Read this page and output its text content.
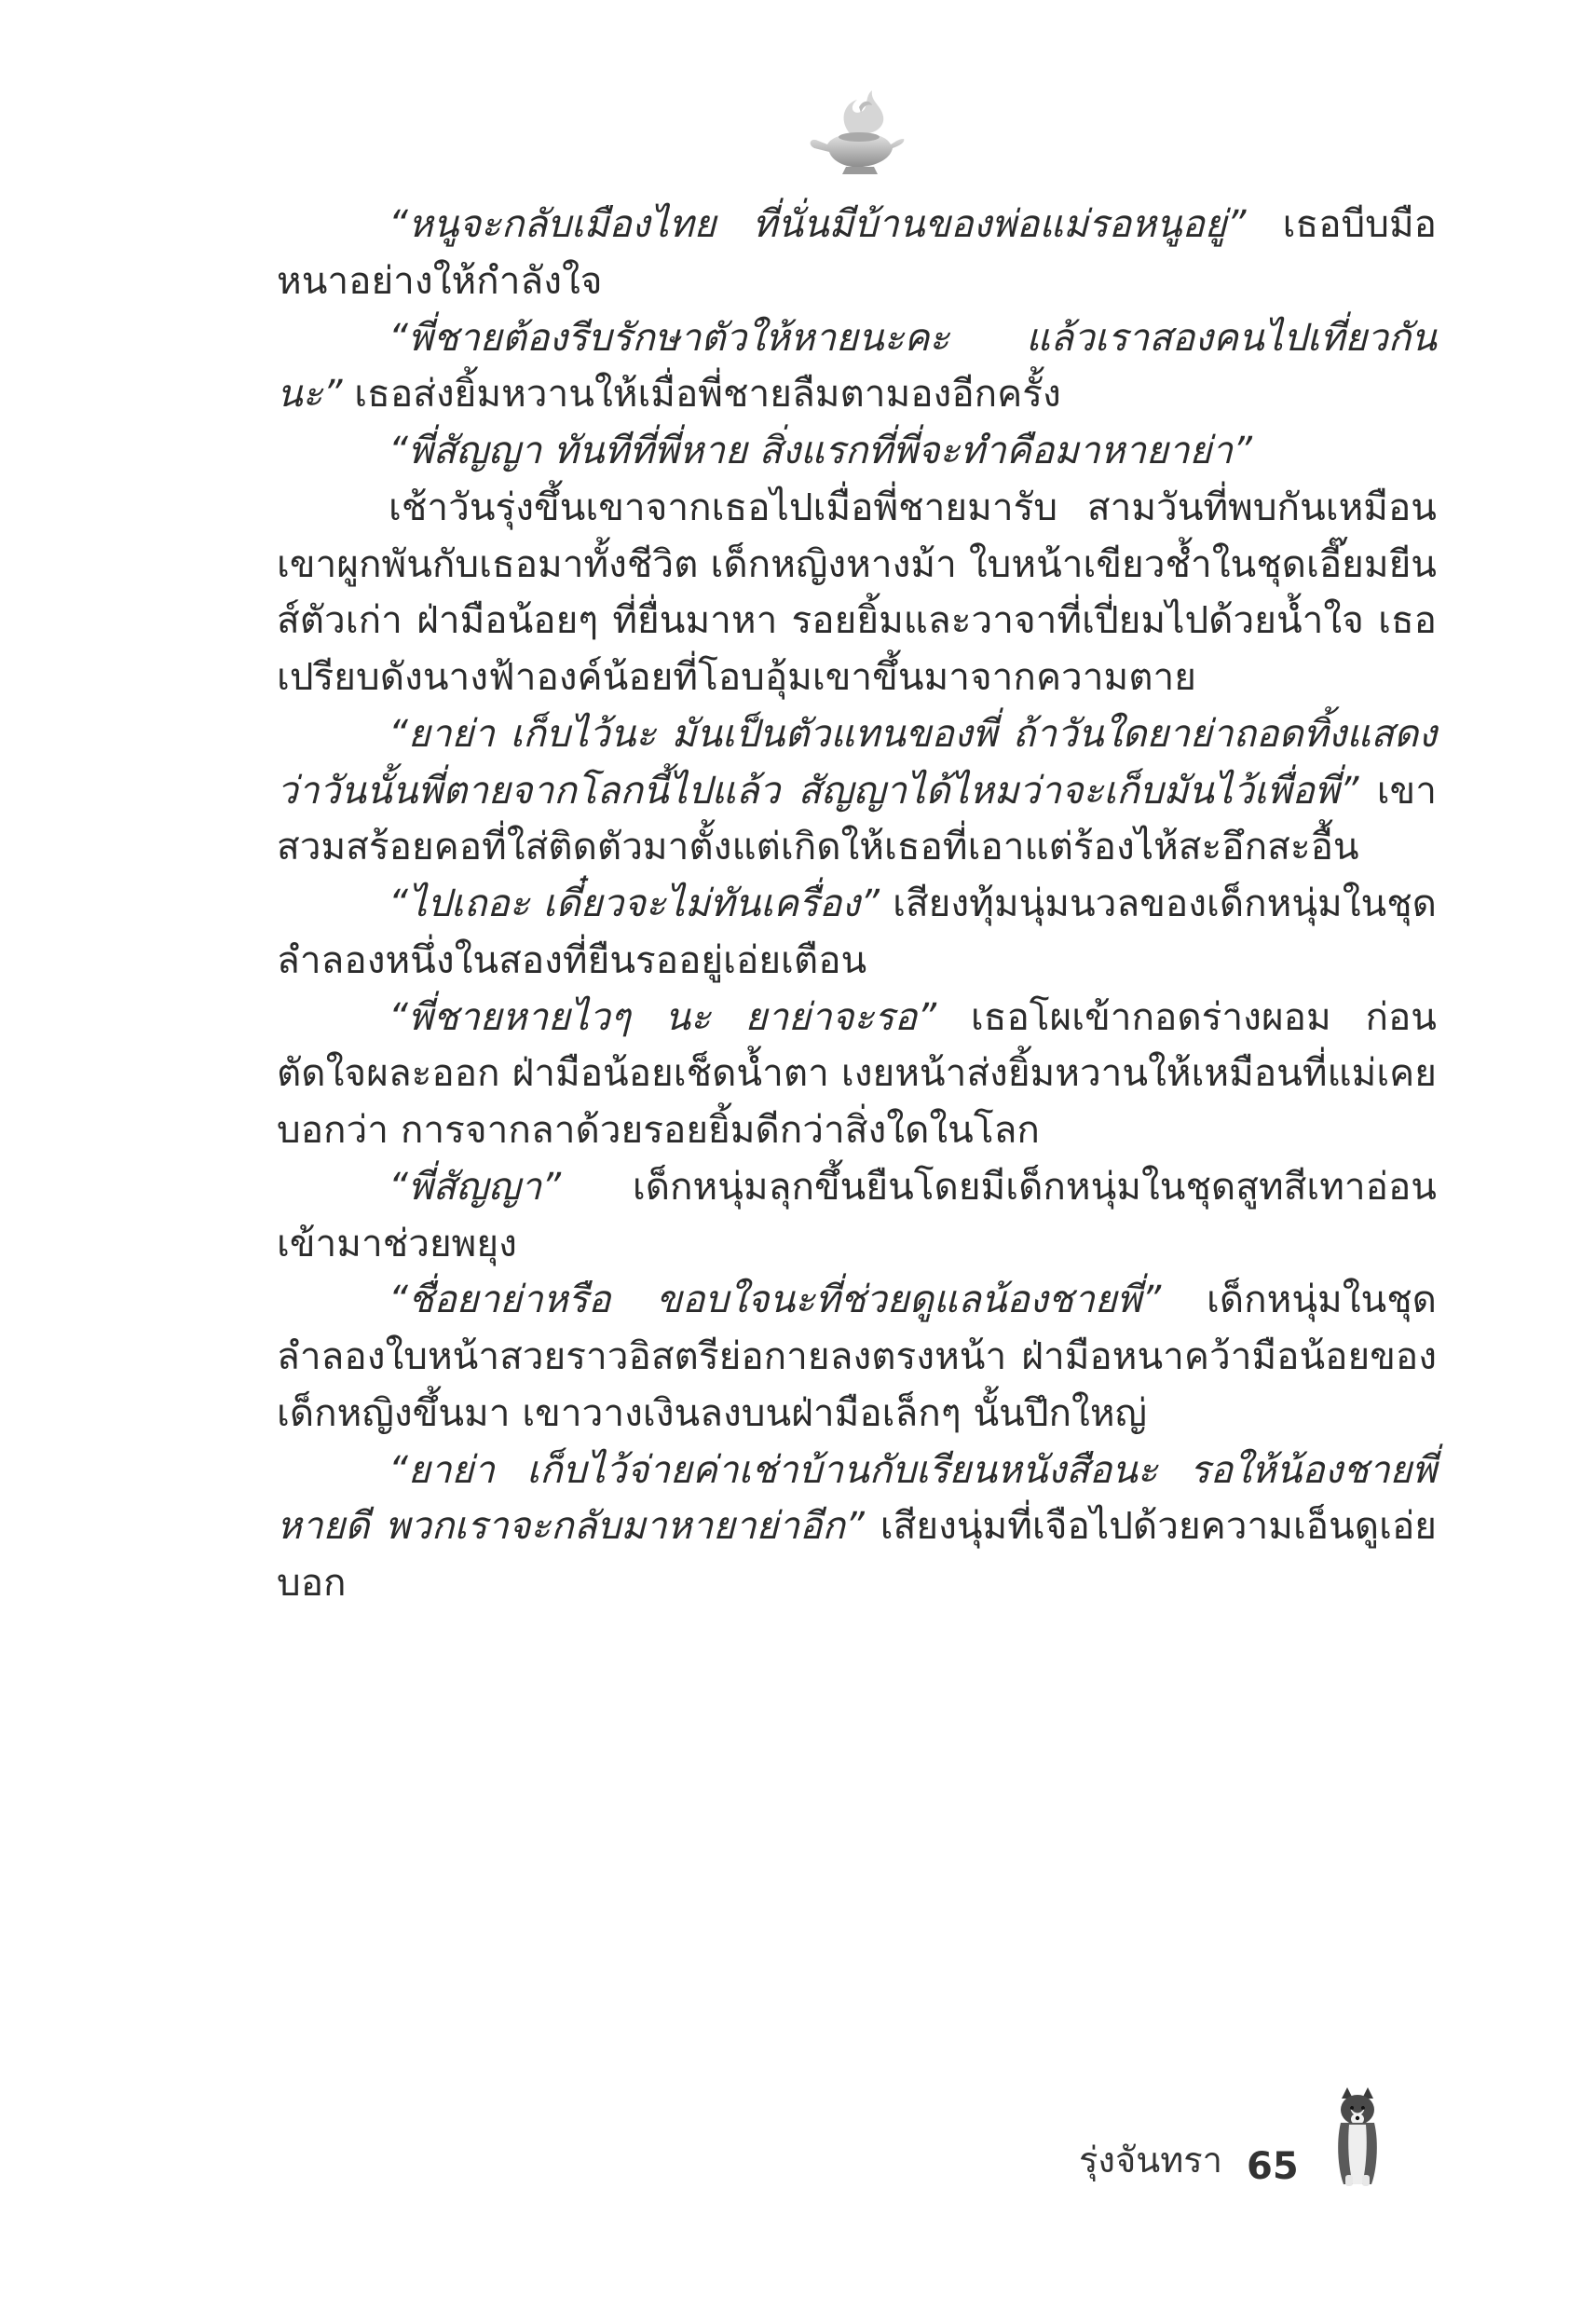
“หนูจะกลับเมืองไทย ที่นั่นมีบ้านของพ่อแม่รอหนูอยู่” เธอบีบมือหนาอย่างให้กำลังใจ

“พี่ชายต้องรีบรักษาตัวให้หายนะคะ แล้วเราสองคนไปเที่ยวกันนะ” เธอส่งยิ้มหวานให้เมื่อพี่ชายลืมตามองอีกครั้ง

“พี่สัญญา ทันทีที่พี่หาย สิ่งแรกที่พี่จะทำคือมาหายาย่า”

เช้าวันรุ่งขึ้นเขาจากเธอไปเมื่อพี่ชายมารับ สามวันที่พบกันเหมือนเขาผูกพันกับเธอมาทั้งชีวิต เด็กหญิงหางม้า ใบหน้าเขียวช้ำในชุดเอี๊ยมยีนส์ตัวเก่า ฝ่ามือน้อยๆ ที่ยื่นมาหา รอยยิ้มและวาจาที่เปี่ยมไปด้วยน้ำใจ เธอเปรียบดังนางฟ้าองค์น้อยที่โอบอุ้มเขาขึ้นมาจากความตาย

“ยาย่า เก็บไว้นะ มันเป็นตัวแทนของพี่ ถ้าวันใดยาย่าถอดทิ้งแสดงว่าวันนั้นพี่ตายจากโลกนี้ไปแล้ว สัญญาได้ไหมว่าจะเก็บมันไว้เพื่อพี่” เขาสวมสร้อยคอที่ใส่ติดตัวมาตั้งแต่เกิดให้เธอที่เอาแต่ร้องไห้สะอึกสะอื้น

“ไปเถอะ เดี๋ยวจะไม่ทันเครื่อง” เสียงทุ้มนุ่มนวลของเด็กหนุ่มในชุดลำลองหนึ่งในสองที่ยืนรออยู่เอ่ยเตือน

“พี่ชายหายไวๆ นะ ยาย่าจะรอ” เธอโผเข้ากอดร่างผอม ก่อนตัดใจผละออก ฝ่ามือน้อยเช็ดน้ำตา เงยหน้าส่งยิ้มหวานให้เหมือนที่แม่เคยบอกว่า การจากลาด้วยรอยยิ้มดีกว่าสิ่งใดในโลก

“พี่สัญญา” เด็กหนุ่มลุกขึ้นยืนโดยมีเด็กหนุ่มในชุดสูทสีเทาอ่อนเข้ามาช่วยพยุง

“ชื่อยาย่าหรือ ขอบใจนะที่ช่วยดูแลน้องชายพี่” เด็กหนุ่มในชุดลำลองใบหน้าสวยราวอิสตรีย่อกายลงตรงหน้า ฝ่ามือหนาคว้ามือน้อยของเด็กหญิงขึ้นมา เขาวางเงินลงบนฝ่ามือเล็กๆ นั้นปึกใหญ่

“ยาย่า เก็บไว้จ่ายค่าเช่าบ้านกับเรียนหนังสือนะ รอให้น้องชายพี่หายดี พวกเราจะกลับมาหายาย่าอีก” เสียงนุ่มที่เจือไปด้วยความเอ็นดูเอ่ยบอก

รุ่งจันทรา 65
